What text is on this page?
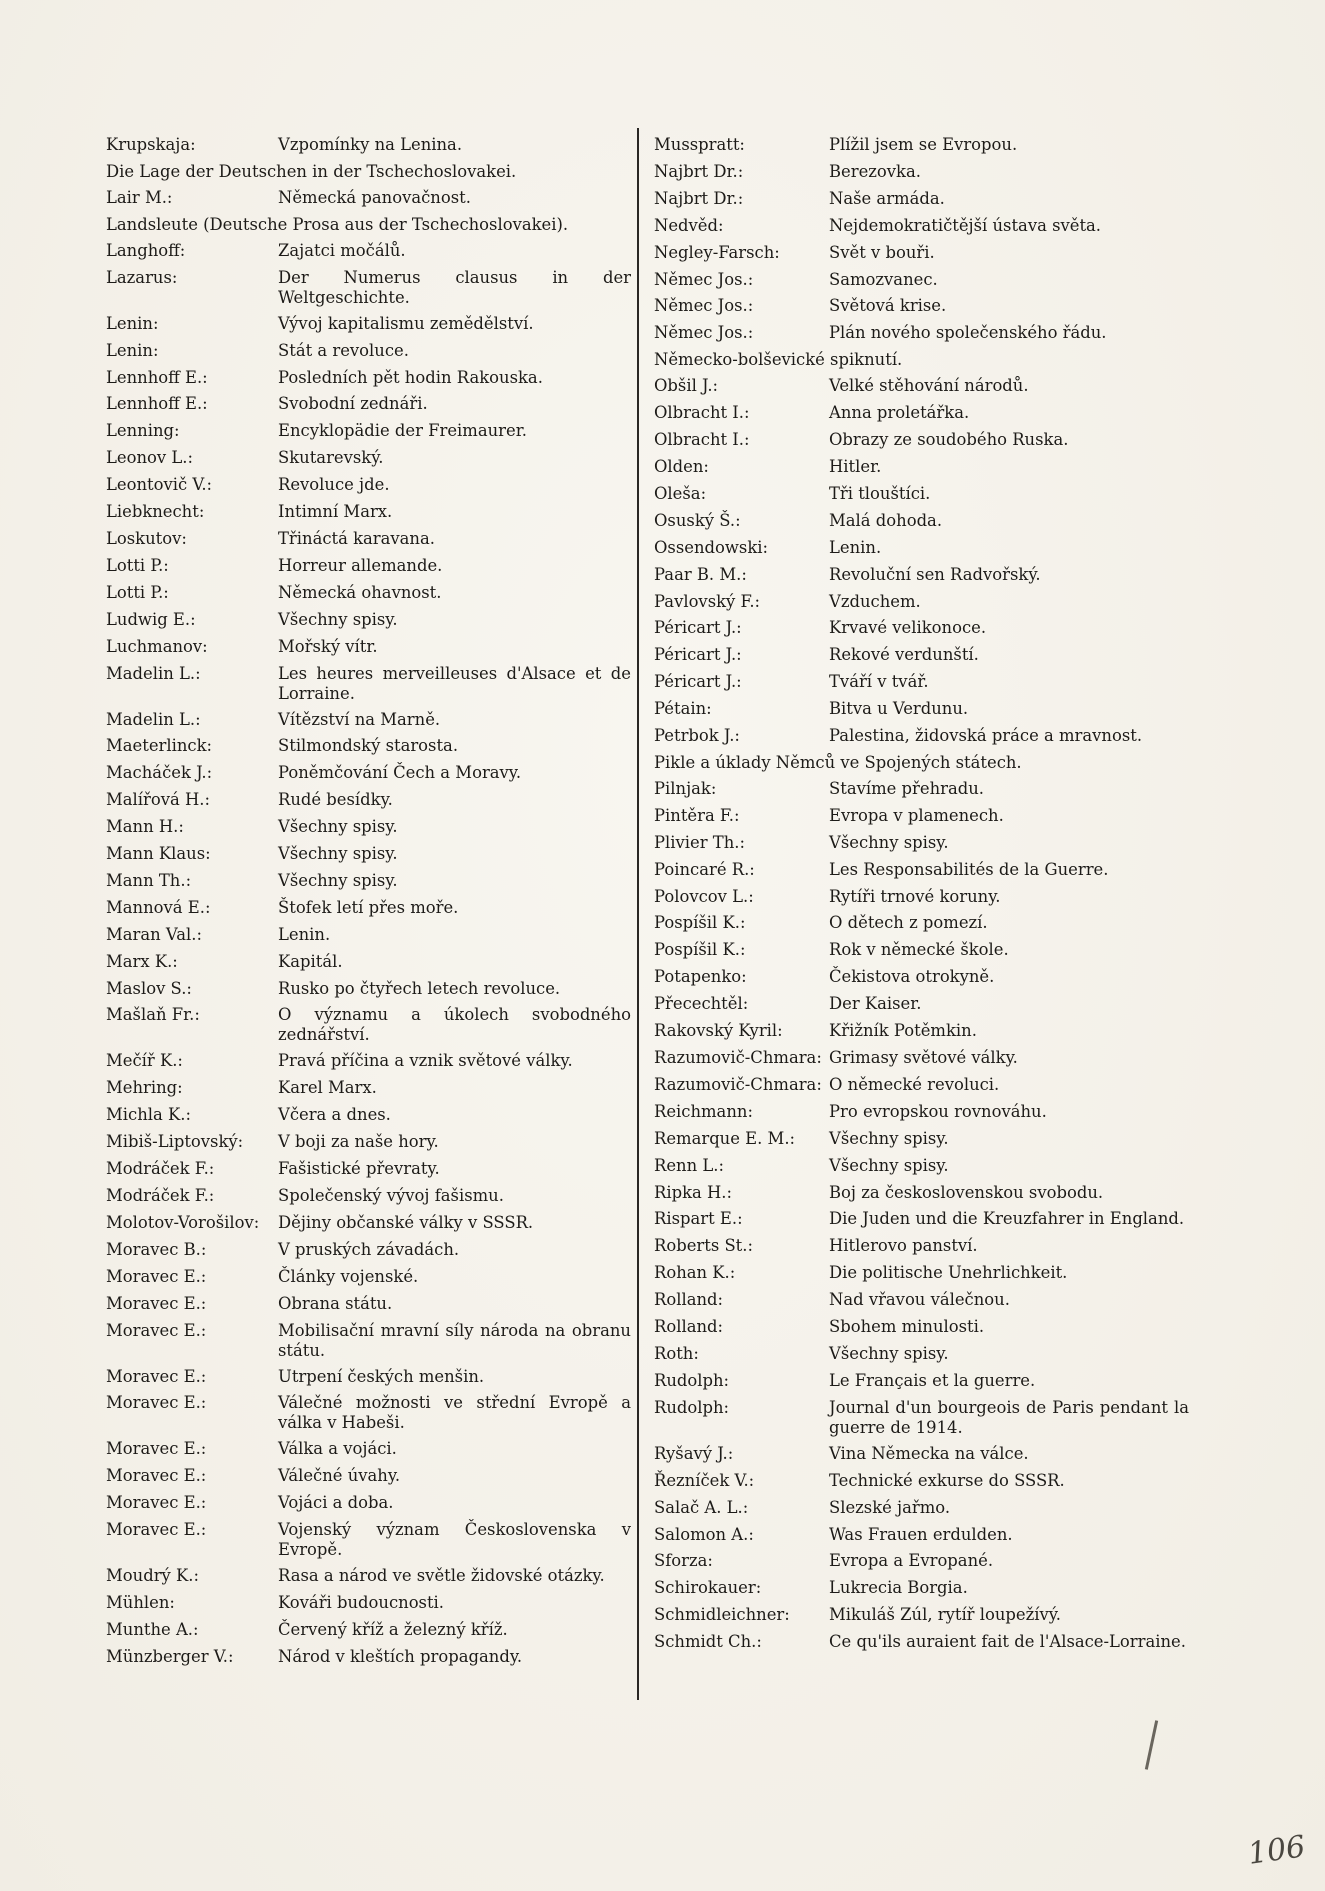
Krupskaja:	Vzpomínky na Lenina.
Die Lage der Deutschen in der Tschechoslovakei.
Lair M.:	Německá panovačnost.
Landsleute (Deutsche Prosa aus der Tschechoslovakei).
Langhoff:	Zajatci močálů.
Lazarus:	Der Numerus clausus in der Weltgeschichte.
Lenin:	Vývoj kapitalismu zemědělství.
Lenin:	Stát a revoluce.
Lennhoff E.:	Posledních pět hodin Rakouska.
Lennhoff E.:	Svobodní zednáři.
Lenning:	Encyklopädie der Freimaurer.
Leonov L.:	Skutarevský.
Leontovič V.:	Revoluce jde.
Liebknecht:	Intimní Marx.
Loskutov:	Třináctá karavana.
Lotti P.:	Horreur allemande.
Lotti P.:	Německá ohavnost.
Ludwig E.:	Všechny spisy.
Luchmanov:	Mořský vítr.
Madelin L.:	Les heures merveilleuses d'Alsace et de Lorraine.
Madelin L.:	Vítězství na Marně.
Maeterlinck:	Stilmondský starosta.
Macháček J.:	Poněmčování Čech a Moravy.
Malířová H.:	Rudé besídky.
Mann H.:	Všechny spisy.
Mann Klaus:	Všechny spisy.
Mann Th.:	Všechny spisy.
Mannová E.:	Štofek letí přes moře.
Maran Val.:	Lenin.
Marx K.:	Kapitál.
Maslov S.:	Rusko po čtyřech letech revoluce.
Mašlaň Fr.:	O významu a úkolech svobodného zednářství.
Mečíř K.:	Pravá příčina a vznik světové války.
Mehring:	Karel Marx.
Michla K.:	Včera a dnes.
Mibiš-Liptovský:	V boji za naše hory.
Modráček F.:	Fašistické převraty.
Modráček F.:	Společenský vývoj fašismu.
Molotov-Vorošilov:	Dějiny občanské války v SSSR.
Moravec B.:	V pruských závadách.
Moravec E.:	Články vojenské.
Moravec E.:	Obrana státu.
Moravec E.:	Mobilisační mravní síly národa na obranu státu.
Moravec E.:	Utrpení českých menšin.
Moravec E.:	Válečné možnosti ve střední Evropě a válka v Habeši.
Moravec E.:	Válka a vojáci.
Moravec E.:	Válečné úvahy.
Moravec E.:	Vojáci a doba.
Moravec E.:	Vojenský význam Československa v Evropě.
Moudrý K.:	Rasa a národ ve světle židovské otázky.
Mühlen:	Kováři budoucnosti.
Munthe A.:	Červený kříž a železný kříž.
Münzberger V.:	Národ v kleštích propagandy.
Musspratt:	Plížil jsem se Evropou.
Najbrt Dr.:	Berezovka.
Najbrt Dr.:	Naše armáda.
Nedvěd:	Nejdemokratičtější ústava světa.
Negley-Farsch:	Svět v bouři.
Němec Jos.:	Samozvanec.
Němec Jos.:	Světová krise.
Němec Jos.:	Plán nového společenského řádu.
Německo-bolševické spiknutí.
Obšil J.:	Velké stěhování národů.
Olbracht I.:	Anna proletářka.
Olbracht I.:	Obrazy ze soudobého Ruska.
Olden:	Hitler.
Oleša:	Tři tlouštíci.
Osuský Š.:	Malá dohoda.
Ossendowski:	Lenin.
Paar B. M.:	Revoluční sen Radvořský.
Pavlovský F.:	Vzduchem.
Péricart J.:	Krvavé velikonoce.
Péricart J.:	Rekové verdunští.
Péricart J.:	Tváří v tvář.
Pétain:	Bitva u Verdunu.
Petrbok J.:	Palestina, židovská práce a mravnost.
Pikle a úklady Němců ve Spojených státech.
Pilnjak:	Stavíme přehradu.
Pintěra F.:	Evropa v plamenech.
Plivier Th.:	Všechny spisy.
Poincaré R.:	Les Responsabilités de la Guerre.
Polovcov L.:	Rytíři trnové koruny.
Pospíšil K.:	O dětech z pomezí.
Pospíšil K.:	Rok v německé škole.
Potapenko:	Čekistova otrokyně.
Přecechtěl:	Der Kaiser.
Rakovský Kyril:	Křižník Potěmkin.
Razumovič-Chmara: Grimasy světové války.
Razumovič-Chmara: O německé revoluci.
Reichmann:	Pro evropskou rovnováhu.
Remarque E. M.:	Všechny spisy.
Renn L.:	Všechny spisy.
Ripka H.:	Boj za československou svobodu.
Rispart E.:	Die Juden und die Kreuzfahrer in England.
Roberts St.:	Hitlerovo panství.
Rohan K.:	Die politische Unehrlichkeit.
Rolland:	Nad vřavou válečnou.
Rolland:	Sbohem minulosti.
Roth:	Všechny spisy.
Rudolph:	Le Français et la guerre.
Rudolph:	Journal d'un bourgeois de Paris pendant la guerre de 1914.
Ryšavý J.:	Vina Německa na válce.
Řezníček V.:	Technické exkurse do SSSR.
Salač A. L.:	Slezské jařmo.
Salomon A.:	Was Frauen erdulden.
Sforza:	Evropa a Evropané.
Schirokauer:	Lukrecia Borgia.
Schmidleichner:	Mikuláš Zúl, rytíř loupežívý.
Schmidt Ch.:	Ce qu'ils auraient fait de l'Alsace-Lorraine.
106
